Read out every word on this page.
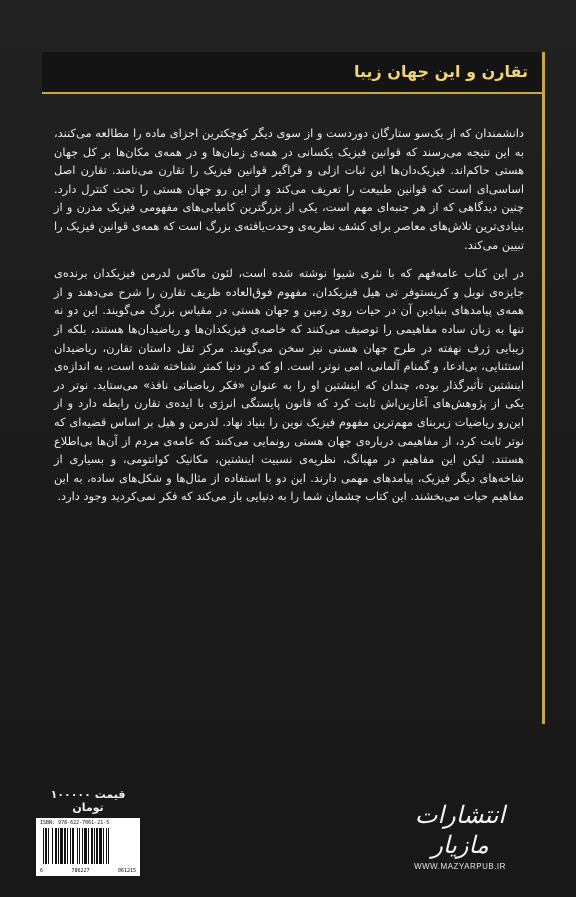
تقارن و این جهان زیبا

دانشمندان که از یک‌سو ستارگان دوردست و از سوی دیگر کوچکترین اجزای ماده را مطالعه می‌کنند، به این نتیجه می‌رسند که قوانین فیزیک یکسانی در همه‌ی زمان‌ها و در همه‌ی مکان‌ها بر کل جهان هستی حاکم‌اند. فیزیک‌دان‌ها این ثبات ازلی و فراگیر قوانین فیزیک را تقارن می‌نامند. تقارن اصل اساسی‌ای است که قوانین طبیعت را تعریف می‌کند و از این رو جهان هستی را تحت کنترل دارد. چنین دیدگاهی که از هر جنبه‌ای مهم است، یکی از بزرگترین کامیابی‌های مفهومی فیزیک مدرن و از بنیادی‌ترین تلاش‌های معاصر برای کشف نظریه‌ی وحدت‌یافته‌ی بزرگ است که همه‌ی قوانین فیزیک را تبیین می‌کند.

در این کتاب عامه‌فهم که با نثری شیوا نوشته شده است، لئون ماکس لدرمن فیزیکدان برنده‌ی جایزه‌ی نوبل و کریستوفر تی هیل فیزیکدان، مفهوم فوق‌العاده ظریف تقارن را شرح می‌دهند و از همه‌ی پیامدهای بنیادین آن در حیات روی زمین و جهان هستی در مقیاس بزرگ می‌گویند. این دو نه تنها به زبان ساده مفاهیمی را توصیف می‌کنند که خاصه‌ی فیزیکدان‌ها و ریاضیدان‌ها هستند، بلکه از زیبایی ژرف نهفته در طرح جهان هستی نیز سخن می‌گویند. مرکز ثقل داستان تقارن، ریاضیدان استثنایی، بی‌ادعا، و گمنام آلمانی، امی نوتر، است. او که در دنیا کمتر شناخته شده است، به اندازه‌ی اینشتین تأثیرگذار بوده، چندان که اینشتین او را به عنوان «فکر ریاضیاتی نافذ» می‌ستاید. نوتر در یکی از پژوهش‌های آغازین‌اش ثابت کرد که قانون پایستگی انرژی با ایده‌ی تقارن رابطه دارد و از این‌رو ریاضیات زیربنای مهم‌ترین مفهوم فیزیک نوین را بنیاد نهاد. لدرمن و هیل بر اساس قضیه‌ای که نوتر ثابت کرد، از مفاهیمی درباره‌ی جهان هستی رونمایی می‌کنند که عامه‌ی مردم از آن‌ها بی‌اطلاع هستند. لیکن این مفاهیم در مهبانگ، نظریه‌ی نسبیت اینشتین، مکانیک کوانتومی، و بسیاری از شاخه‌های دیگر فیزیک، پیامدهای مهمی دارند. این دو با استفاده از مثال‌ها و شکل‌های ساده، به این مفاهیم حیات می‌بخشند. این کتاب چشمان شما را به دنیایی باز می‌کند که فکر نمی‌کردید وجود دارد.

قیمت ۱۰۰۰۰۰ تومان
ISBN: 978-622-7061-21-5
6	786227	061215
انتشارات مازیار
WWW.MAZYARPUB.IR
